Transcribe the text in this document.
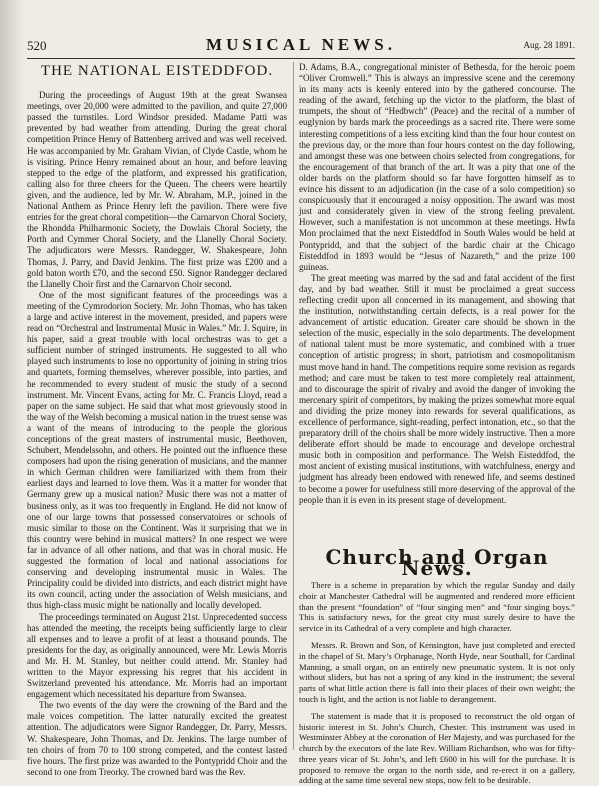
520	MUSICAL NEWS.	Aug. 28 1891.
THE NATIONAL EISTEDDFOD.

During the proceedings of August 19th at the great Swansea meetings, over 20,000 were admitted to the pavilion, and quite 27,000 passed the turnstiles. Lord Windsor presided. Madame Patti was prevented by bad weather from attending. During the great choral competition Prince Henry of Battenberg arrived and was well received. He was accompanied by Mr. Graham Vivian, of Clyde Castle, whom he is visiting. Prince Henry remained about an hour, and before leaving stepped to the edge of the platform, and expressed his gratification, calling also for three cheers for the Queen. The cheers were heartily given, and the audience, led by Mr. W. Abraham, M.P., joined in the National Anthem as Prince Henry left the pavilion. There were five entries for the great choral competition—the Carnarvon Choral Society, the Rhondda Philharmonic Society, the Dowlais Choral Society, the Porth and Cymmer Choral Society, and the Llanelly Choral Society. The adjudicators were Messrs. Randegger, W. Shakespeare, John Thomas, J. Parry, and David Jenkins. The first prize was £200 and a gold baton worth £70, and the second £50. Signor Randegger declared the Llanelly Choir first and the Carnarvon Choir second.

One of the most significant features of the proceedings was a meeting of the Cymrodorion Society. Mr. John Thomas, who has taken a large and active interest in the movement, presided, and papers were read on “Orchestral and Instrumental Music in Wales.” Mr. J. Squire, in his paper, said a great trouble with local orchestras was to get a sufficient number of stringed instruments. He suggested to all who played such instruments to lose no opportunity of joining in string trios and quartets, forming themselves, wherever possible, into parties, and he recommended to every student of music the study of a second instrument. Mr. Vincent Evans, acting for Mr. C. Francis Lloyd, read a paper on the same subject. He said that what most grievously stood in the way of the Welsh becoming a musical nation in the truest sense was a want of the means of introducing to the people the glorious conceptions of the great masters of instrumental music, Beethoven, Schubert, Mendelssohn, and others. He pointed out the influence these composers had upon the rising generation of musicians, and the manner in which German children were familiarized with them from their earliest days and learned to love them. Was it a matter for wonder that Germany grew up a musical nation? Music there was not a matter of business only, as it was too frequently in England. He did not know of one of our large towns that possessed conservatoires or schools of music similar to those on the Continent. Was it surprising that we in this country were behind in musical matters? In one respect we were far in advance of all other nations, and that was in choral music. He suggested the formation of local and national associations for conserving and developing instrumental music in Wales. The Principality could be divided into districts, and each district might have its own council, acting under the association of Welsh musicians, and thus high-class music might be nationally and locally developed.

The proceedings terminated on August 21st. Unprecedented success has attended the meeting, the receipts being sufficiently large to clear all expenses and to leave a profit of at least a thousand pounds. The presidents for the day, as originally announced, were Mr. Lewis Morris and Mr. H. M. Stanley, but neither could attend. Mr. Stanley had written to the Mayor expressing his regret that his accident in Switzerland prevented his attendance. Mr. Morris had an important engagement which necessitated his departure from Swansea.

The two events of the day were the crowning of the Bard and the male voices competition. The latter naturally excited the greatest attention. The adjudicators were Signor Randegger, Dr. Parry, Messrs. W. Shakespeare, John Thomas, and Dr. Jenkins. The large number of ten choirs of from 70 to 100 strong competed, and the contest lasted five hours. The first prize was awarded to the Pontypridd Choir and the second to one from Treorky. The crowned bard was the Rev.

D. Adams, B.A., congregational minister of Bethesda, for the heroic poem “Oliver Cromwell.” This is always an impressive scene and the ceremony in its many acts is keenly entered into by the gathered concourse. The reading of the award, fetching up the victor to the platform, the blast of trumpets, the shout of “Hedbwch” (Peace) and the recital of a number of euglynion by bards mark the proceedings as a sacred rite. There were some interesting competitions of a less exciting kind than the four hour contest on the previous day, or the more than four hours contest on the day following, and amongst these was one between choirs selected from congregations, for the encouragement of that branch of the art. It was a pity that one of the older bards on the platform should so far have forgotten himself as to evince his dissent to an adjudication (in the case of a solo competition) so conspicuously that it encouraged a noisy opposition. The award was most just and considerately given in view of the strong feeling prevalent. However, such a manifestation is not uncommon at these meetings. Hwfa Mon proclaimed that the next Eisteddfod in South Wales would be held at Pontypridd, and that the subject of the bardic chair at the Chicago Eisteddfod in 1893 would be “Jesus of Nazareth,” and the prize 100 guineas.

The great meeting was marred by the sad and fatal accident of the first day, and by bad weather. Still it must be proclaimed a great success reflecting credit upon all concerned in its management, and showing that the institution, notwithstanding certain defects, is a real power for the advancement of artistic education. Greater care should be shown in the selection of the music, especially in the solo departments. The development of national talent must be more systematic, and combined with a truer conception of artistic progress; in short, patriotism and cosmopolitanism must move hand in hand. The competitions require some revision as regards method; and care must be taken to test more completely real attainment, and to discourage the spirit of rivalry and avoid the danger of invoking the mercenary spirit of competitors, by making the prizes somewhat more equal and dividing the prize money into rewards for several qualifications, as excellence of performance, sight-reading, perfect intonation, etc., so that the preparatory drill of the choirs shall be more widely instructive. Then a more deliberate effort should be made to encourage and develope orchestral music both in composition and performance. The Welsh Eisteddfod, the most ancient of existing musical institutions, with watchfulness, energy and judgment has already been endowed with renewed life, and seems destined to become a power for usefulness still more deserving of the approval of the people than it is even in its present stage of development.

Church and Organ News.

There is a scheme in preparation by which the regular Sunday and daily choir at Manchester Cathedral will be augmented and rendered more efficient than the present “foundation” of “four singing men” and “four singing boys.” This is satisfactory news, for the great city must surely desire to have the service in its Cathedral of a very complete and high character.

Messrs. R. Brown and Son, of Kensington, have just completed and erected in the chapel of St. Mary’s Orphanage, North Hyde, near Southall, for Cardinal Manning, a small organ, on an entirely new pneumatic system. It is not only without sliders, but has not a spring of any kind in the instrument; the several parts of what little action there is fall into their places of their own weight; the touch is light, and the action is not liable to derangement.

The statement is made that it is proposed to reconstruct the old organ of historic interest in St. John’s Church, Chester. This instrument was used in Westminster Abbey at the coronation of Her Majesty, and was purchased for the church by the executors of the late Rev. William Richardson, who was for fifty-three years vicar of St. John’s, and left £600 in his will for the purchase. It is proposed to remove the organ to the north side, and re-erect it on a gallery, adding at the same time several new stops, now felt to be desirable.
